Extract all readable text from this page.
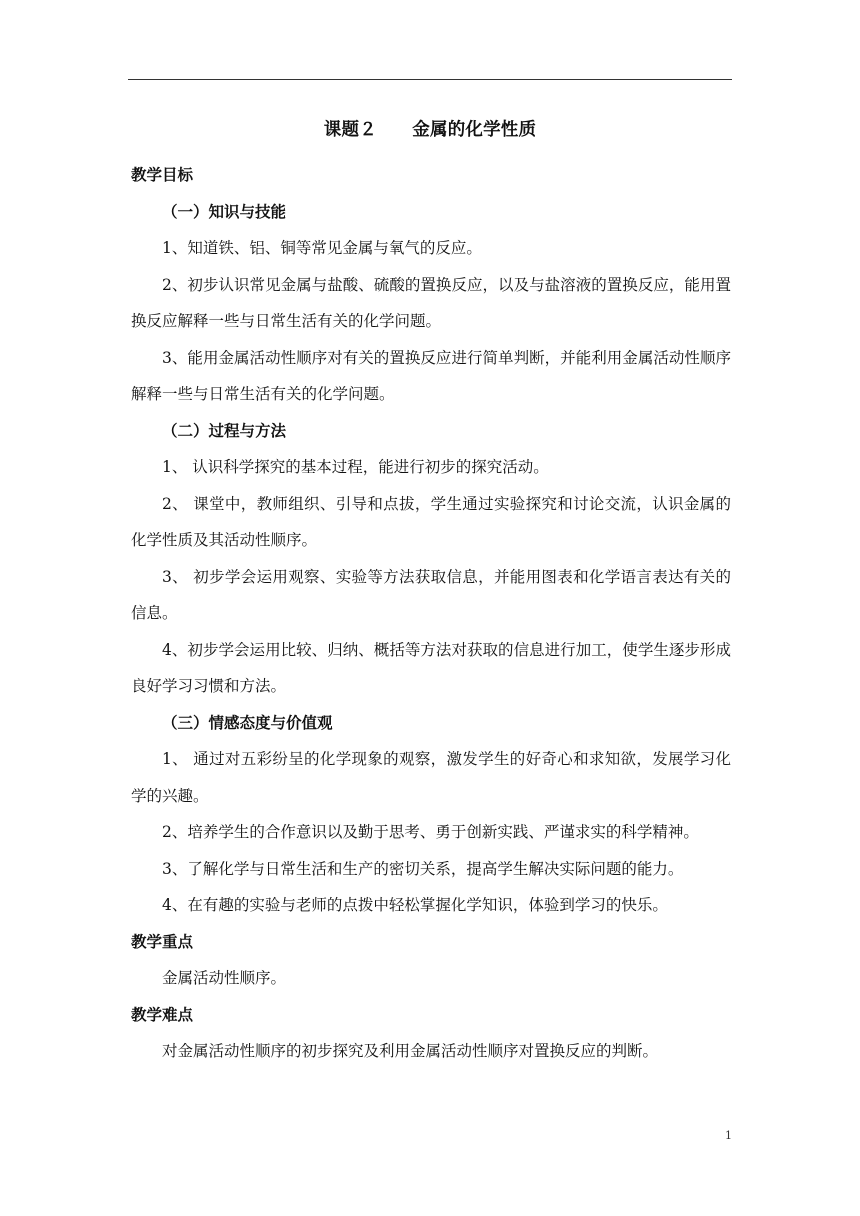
课题２　　金属的化学性质

教学目标

（一）知识与技能

1、知道铁、铝、铜等常见金属与氧气的反应。

2、初步认识常见金属与盐酸、硫酸的置换反应，以及与盐溶液的置换反应，能用置换反应解释一些与日常生活有关的化学问题。

3、能用金属活动性顺序对有关的置换反应进行简单判断，并能利用金属活动性顺序解释一些与日常生活有关的化学问题。

（二）过程与方法

1、 认识科学探究的基本过程，能进行初步的探究活动。

2、 课堂中，教师组织、引导和点拔，学生通过实验探究和讨论交流，认识金属的化学性质及其活动性顺序。

3、 初步学会运用观察、实验等方法获取信息，并能用图表和化学语言表达有关的信息。

4、初步学会运用比较、归纳、概括等方法对获取的信息进行加工，使学生逐步形成良好学习习惯和方法。

（三）情感态度与价值观

1、 通过对五彩纷呈的化学现象的观察，激发学生的好奇心和求知欲，发展学习化学的兴趣。

2、培养学生的合作意识以及勤于思考、勇于创新实践、严谨求实的科学精神。

3、了解化学与日常生活和生产的密切关系，提高学生解决实际问题的能力。

4、在有趣的实验与老师的点拨中轻松掌握化学知识，体验到学习的快乐。

教学重点

金属活动性顺序。

教学难点

对金属活动性顺序的初步探究及利用金属活动性顺序对置换反应的判断。

1
